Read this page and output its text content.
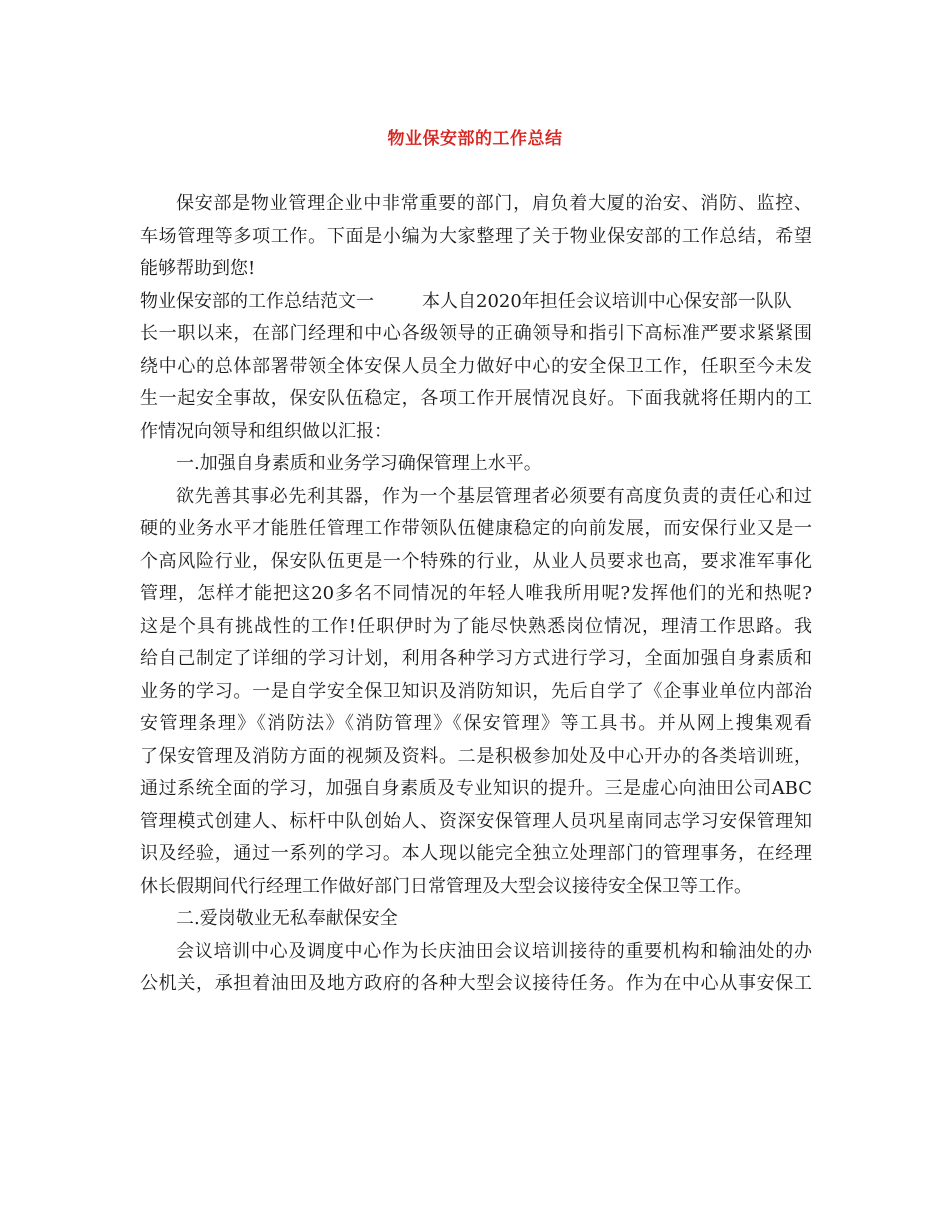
物业保安部的工作总结
保安部是物业管理企业中非常重要的部门，肩负着大厦的治安、消防、监控、
车场管理等多项工作。下面是小编为大家整理了关于物业保安部的工作总结，希望
能够帮助到您!
物业保安部的工作总结范文一	本人自2020年担任会议培训中心保安部一队队
长一职以来，在部门经理和中心各级领导的正确领导和指引下高标准严要求紧紧围
绕中心的总体部署带领全体安保人员全力做好中心的安全保卫工作，任职至今未发
生一起安全事故，保安队伍稳定，各项工作开展情况良好。下面我就将任期内的工
作情况向领导和组织做以汇报：
一.加强自身素质和业务学习确保管理上水平。
欲先善其事必先利其器，作为一个基层管理者必须要有高度负责的责任心和过
硬的业务水平才能胜任管理工作带领队伍健康稳定的向前发展，而安保行业又是一
个高风险行业，保安队伍更是一个特殊的行业，从业人员要求也高，要求准军事化
管理，怎样才能把这20多名不同情况的年轻人唯我所用呢?发挥他们的光和热呢?
这是个具有挑战性的工作!任职伊时为了能尽快熟悉岗位情况，理清工作思路。我
给自己制定了详细的学习计划，利用各种学习方式进行学习，全面加强自身素质和
业务的学习。一是自学安全保卫知识及消防知识，先后自学了《企事业单位内部治
安管理条理》《消防法》《消防管理》《保安管理》等工具书。并从网上搜集观看
了保安管理及消防方面的视频及资料。二是积极参加处及中心开办的各类培训班，
通过系统全面的学习，加强自身素质及专业知识的提升。三是虚心向油田公司ABC
管理模式创建人、标杆中队创始人、资深安保管理人员巩星南同志学习安保管理知
识及经验，通过一系列的学习。本人现以能完全独立处理部门的管理事务，在经理
休长假期间代行经理工作做好部门日常管理及大型会议接待安全保卫等工作。
二.爱岗敬业无私奉献保安全
会议培训中心及调度中心作为长庆油田会议培训接待的重要机构和输油处的办
公机关，承担着油田及地方政府的各种大型会议接待任务。作为在中心从事安保工
